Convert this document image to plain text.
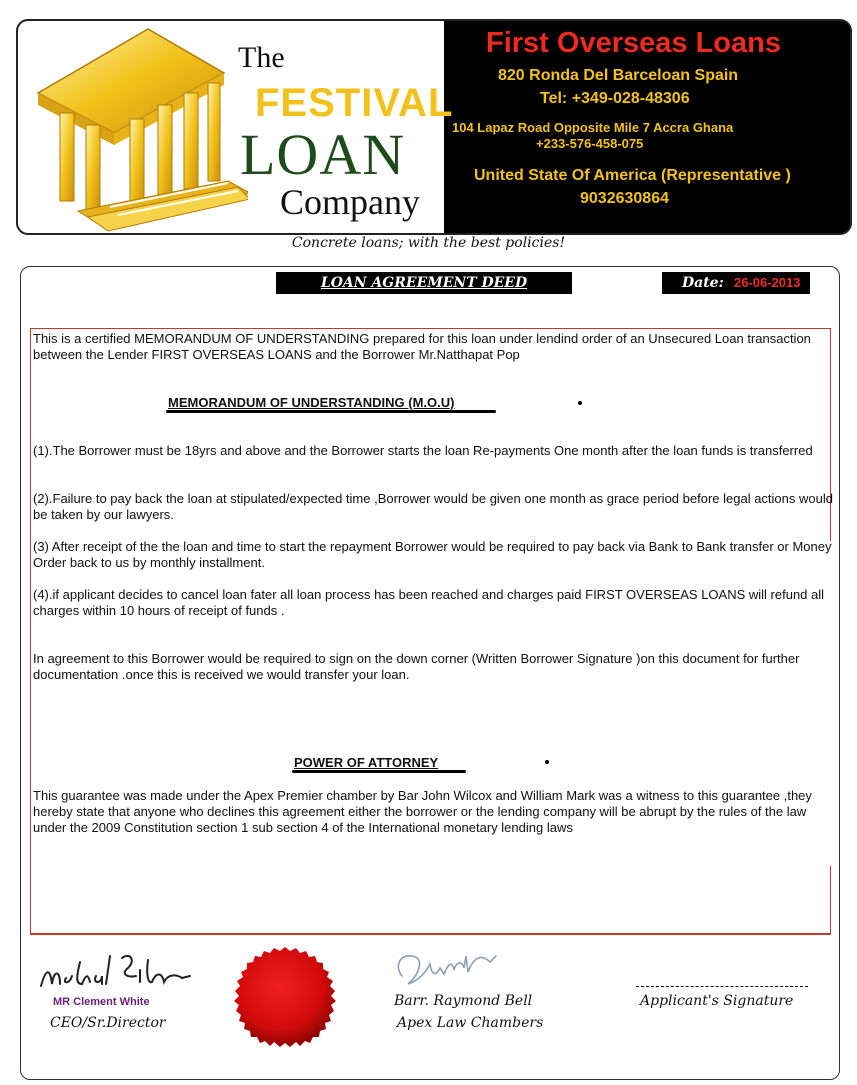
The
FESTIVAL
LOAN
Company
First Overseas Loans
820 Ronda Del Barceloan Spain
Tel: +349-028-48306
104 Lapaz Road Opposite Mile 7 Accra Ghana
+233-576-458-075
United State Of America (Representative )
9032630864
Concrete loans; with the best policies!
LOAN AGREEMENT DEED	Date: 26-06-2013
This is a certified MEMORANDUM OF UNDERSTANDING prepared for this loan under lendind order of an Unsecured Loan transaction between the Lender FIRST OVERSEAS LOANS and the Borrower Mr.Natthapat Pop
MEMORANDUM OF UNDERSTANDING (M.O.U)
(1).The Borrower must be 18yrs and above and the Borrower starts the loan Re-payments One month after the loan funds is transferred
(2).Failure to pay back the loan at stipulated/expected time ,Borrower would be given one month as grace period before legal actions would be taken by our lawyers.
(3) After receipt of the the loan and time to start the repayment Borrower would be required to pay back via Bank to Bank transfer or Money Order back to us by monthly installment.
(4).if applicant decides to cancel loan fater all loan process has been reached and charges paid FIRST OVERSEAS LOANS will refund all charges within 10 hours of receipt of funds .
In agreement to this Borrower would be required to sign on the down corner (Written Borrower Signature )on this document for further documentation .once this is received we would transfer your loan.
POWER OF ATTORNEY
This guarantee was made under the Apex Premier chamber by Bar John Wilcox and William Mark was a witness to this guarantee ,they hereby state that anyone who declines this agreement either the borrower or the lending company will be abrupt by the rules of the law under the 2009 Constitution section 1 sub section 4 of the International monetary lending laws
MR Clement White
CEO/Sr.Director
Barr. Raymond Bell
Apex Law Chambers
Applicant's Signature
